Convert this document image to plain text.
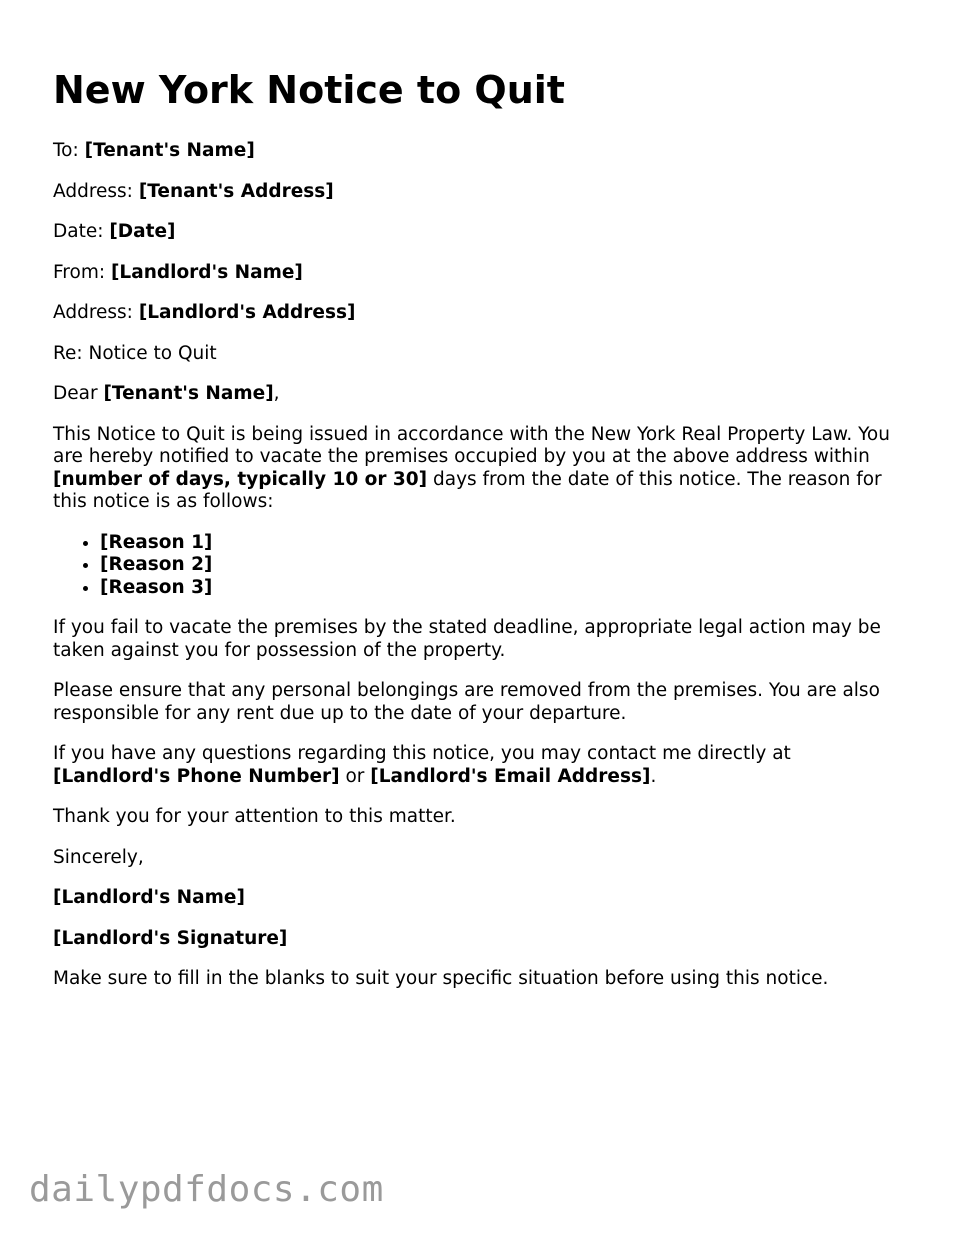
New York Notice to Quit

To: [Tenant's Name]

Address: [Tenant's Address]

Date: [Date]

From: [Landlord's Name]

Address: [Landlord's Address]

Re: Notice to Quit

Dear [Tenant's Name],

This Notice to Quit is being issued in accordance with the New York Real Property Law. You are hereby notified to vacate the premises occupied by you at the above address within [number of days, typically 10 or 30] days from the date of this notice. The reason for this notice is as follows:

• [Reason 1]
• [Reason 2]
• [Reason 3]

If you fail to vacate the premises by the stated deadline, appropriate legal action may be taken against you for possession of the property.

Please ensure that any personal belongings are removed from the premises. You are also responsible for any rent due up to the date of your departure.

If you have any questions regarding this notice, you may contact me directly at [Landlord's Phone Number] or [Landlord's Email Address].

Thank you for your attention to this matter.

Sincerely,

[Landlord's Name]

[Landlord's Signature]

Make sure to fill in the blanks to suit your specific situation before using this notice.

dailypdfdocs.com
